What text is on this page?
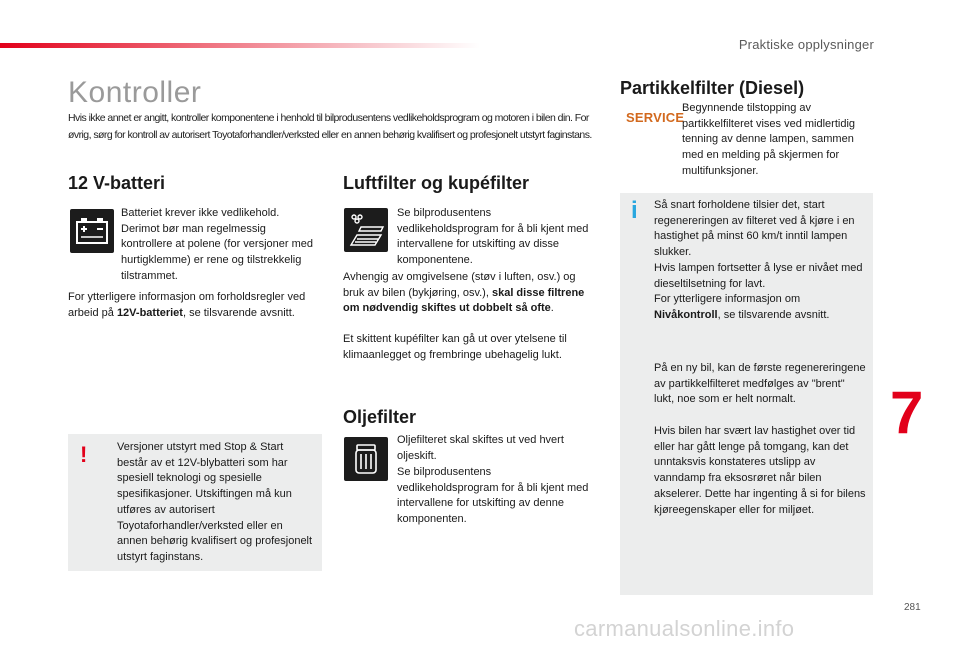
Praktiske opplysninger
Kontroller
Hvis ikke annet er angitt, kontroller komponentene i henhold til bilprodusentens vedlikeholdsprogram og motoren i bilen din. For øvrig, sørg for kontroll av autorisert Toyotaforhandler/verksted eller en annen behørig kvalifisert og profesjonelt utstyrt faginstans.
12 V-batteri

Batteriet krever ikke vedlikehold. Derimot bør man regelmessig kontrollere at polene (for versjoner med hurtigklemme) er rene og tilstrekkelig tilstrammet.

For ytterligere informasjon om forholdsregler ved arbeid på 12V-batteriet, se tilsvarende avsnitt.

!	Versjoner utstyrt med Stop & Start består av et 12V-blybatteri som har spesiell teknologi og spesielle spesifikasjoner. Utskiftingen må kun utføres av autorisert Toyotaforhandler/verksted eller en annen behørig kvalifisert og profesjonelt utstyrt faginstans.

Luftfilter og kupéfilter

Se bilprodusentens vedlikeholdsprogram for å bli kjent med intervallene for utskifting av disse komponentene.

Avhengig av omgivelsene (støv i luften, osv.) og bruk av bilen (bykjøring, osv.), skal disse filtrene om nødvendig skiftes ut dobbelt så ofte.

Et skittent kupéfilter kan gå ut over ytelsene til klimaanlegget og frembringe ubehagelig lukt.

Oljefilter

Oljefilteret skal skiftes ut ved hvert oljeskift.

Se bilprodusentens vedlikeholdsprogram for å bli kjent med intervallene for utskifting av denne komponenten.

Partikkelfilter (Diesel)
SERVICE

Begynnende tilstopping av partikkelfilteret vises ved midlertidig tenning av denne lampen, sammen med en melding på skjermen for multifunksjoner.

i Så snart forholdene tilsier det, start regenereringen av filteret ved å kjøre i en hastighet på minst 60 km/t inntil lampen slukker.

Hvis lampen fortsetter å lyse er nivået med dieseltilsetning for lavt.

For ytterligere informasjon om Nivåkontroll, se tilsvarende avsnitt.

På en ny bil, kan de første regenereringene av partikkelfilteret medfølges av "brent" lukt, noe som er helt normalt.

Hvis bilen har svært lav hastighet over tid eller har gått lenge på tomgang, kan det unntaksvis konstateres utslipp av vanndamp fra eksosrøret når bilen akselerer. Dette har ingenting å si for bilens kjøreegenskaper eller for miljøet.

7
281
carmanualsonline.info
